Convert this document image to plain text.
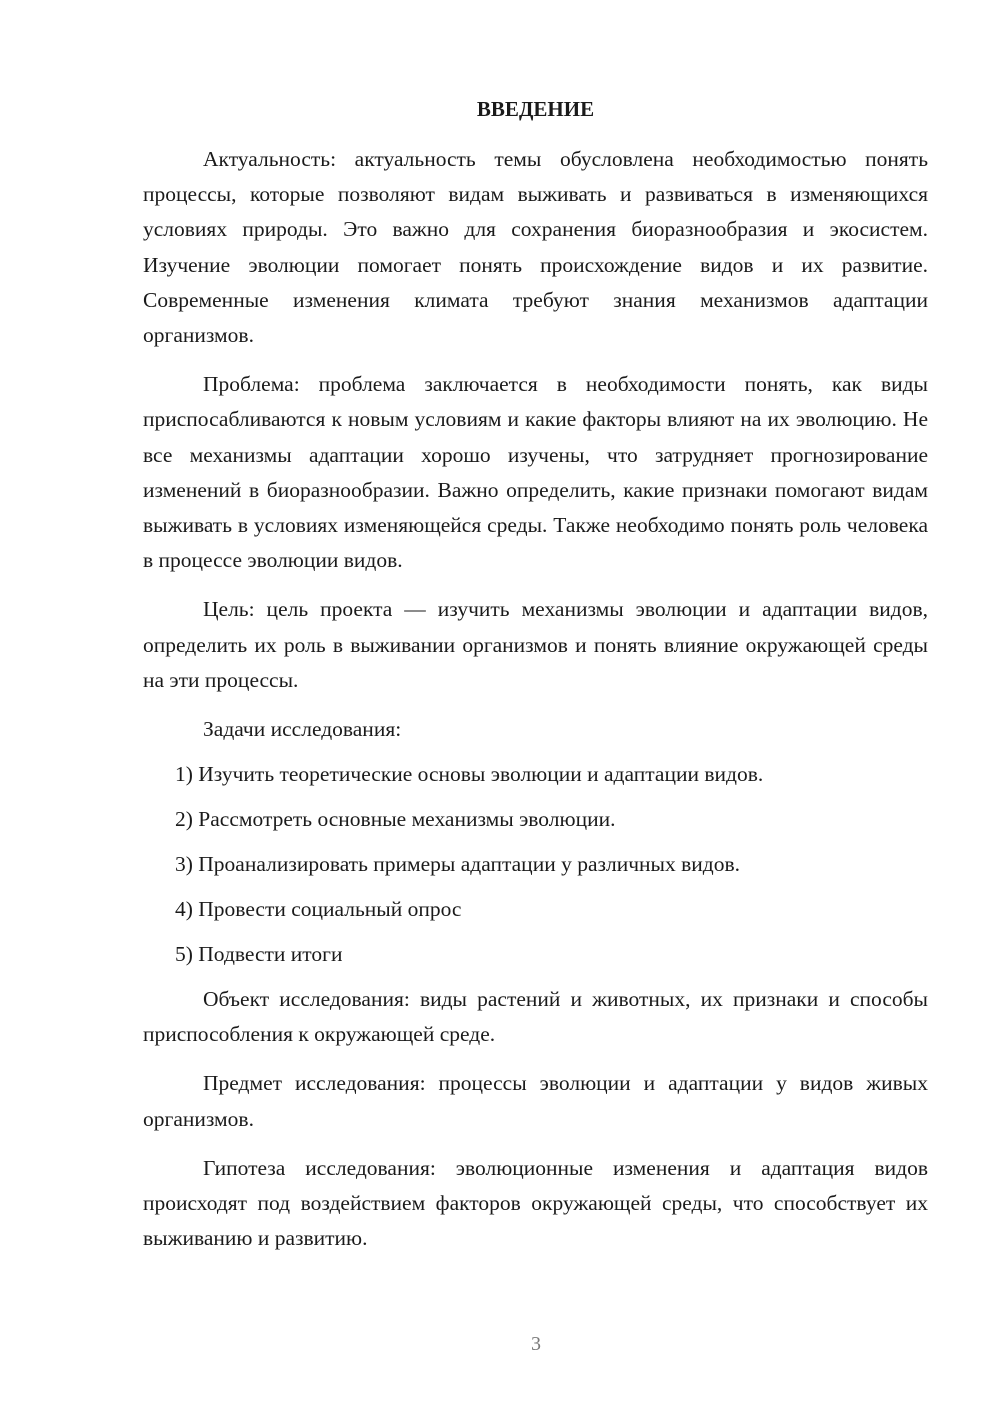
ВВЕДЕНИЕ

Актуальность: актуальность темы обусловлена необходимостью понять процессы, которые позволяют видам выживать и развиваться в изменяющихся условиях природы. Это важно для сохранения биоразнообразия и экосистем. Изучение эволюции помогает понять происхождение видов и их развитие. Современные изменения климата требуют знания механизмов адаптации организмов.

Проблема: проблема заключается в необходимости понять, как виды приспосабливаются к новым условиям и какие факторы влияют на их эволюцию. Не все механизмы адаптации хорошо изучены, что затрудняет прогнозирование изменений в биоразнообразии. Важно определить, какие признаки помогают видам выживать в условиях изменяющейся среды. Также необходимо понять роль человека в процессе эволюции видов.

Цель: цель проекта — изучить механизмы эволюции и адаптации видов, определить их роль в выживании организмов и понять влияние окружающей среды на эти процессы.

Задачи исследования:
1) Изучить теоретические основы эволюции и адаптации видов.
2) Рассмотреть основные механизмы эволюции.
3) Проанализировать примеры адаптации у различных видов.
4) Провести социальный опрос
5) Подвести итоги

Объект исследования: виды растений и животных, их признаки и способы приспособления к окружающей среде.

Предмет исследования: процессы эволюции и адаптации у видов живых организмов.

Гипотеза исследования: эволюционные изменения и адаптация видов происходят под воздействием факторов окружающей среды, что способствует их выживанию и развитию.

3
